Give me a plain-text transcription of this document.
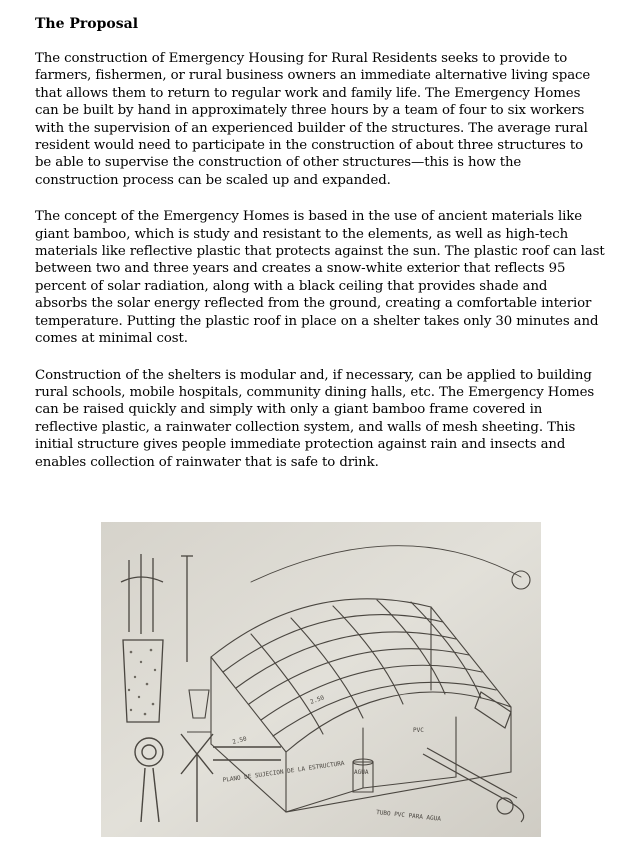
The Proposal
The construction of Emergency Housing for Rural Residents seeks to provide to
farmers, fishermen, or rural business owners an immediate alternative living space
that allows them to return to regular work and family life. The Emergency Homes
can be built by hand in approximately three hours by a team of four to six workers
with the supervision of an experienced builder of the structures. The average rural
resident would need to participate in the construction of about three structures to
be able to supervise the construction of other structures—this is how the
construction process can be scaled up and expanded.
The concept of the Emergency Homes is based in the use of ancient materials like
giant bamboo, which is study and resistant to the elements, as well as high-tech
materials like reflective plastic that protects against the sun. The plastic roof can last
between two and three years and creates a snow-white exterior that reflects 95
percent of solar radiation, along with a black ceiling that provides shade and
absorbs the solar energy reflected from the ground, creating a comfortable interior
temperature. Putting the plastic roof in place on a shelter takes only 30 minutes and
comes at minimal cost.
Construction of the shelters is modular and, if necessary, can be applied to building
rural schools, mobile hospitals, community dining halls, etc. The Emergency Homes
can be raised quickly and simply with only a giant bamboo frame covered in
reflective plastic, a rainwater collection system, and walls of mesh sheeting. This
initial structure gives people immediate protection against rain and insects and
enables collection of rainwater that is safe to drink.
2.50
2.50
AGUA
PLANO DE SUJECION DE LA ESTRUCTURA
TUBO PVC PARA AGUA
PVC
